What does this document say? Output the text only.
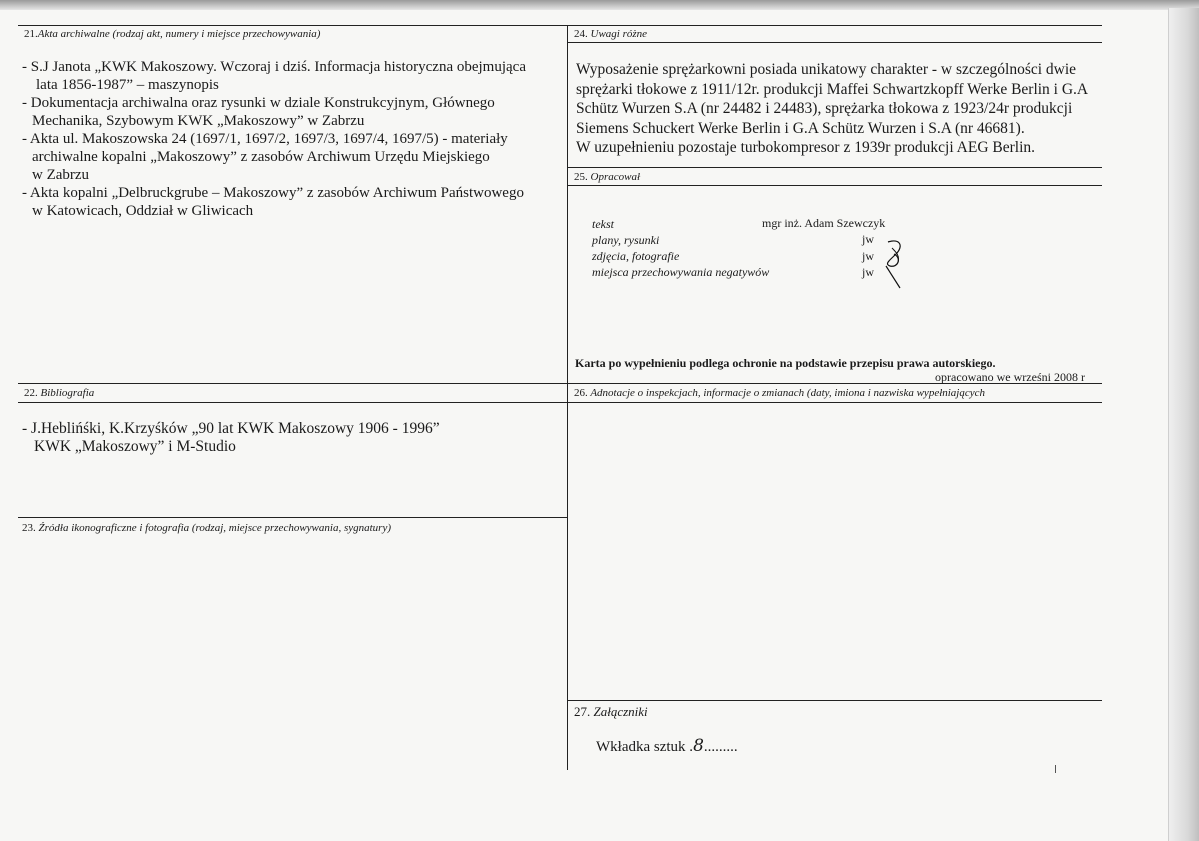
21.Akta archiwalne (rodzaj akt, numery i miejsce przechowywania)
- S.J Janota „KWK Makoszowy. Wczoraj i dziś. Informacja historyczna obejmująca
lata 1856-1987” – maszynopis
- Dokumentacja archiwalna oraz rysunki w dziale Konstrukcyjnym, Głównego
Mechanika, Szybowym KWK „Makoszowy” w Zabrzu
- Akta ul. Makoszowska 24 (1697/1, 1697/2, 1697/3, 1697/4, 1697/5) - materiały
archiwalne kopalni „Makoszowy” z zasobów Archiwum Urzędu Miejskiego
w Zabrzu
- Akta kopalni „Delbruckgrube – Makoszowy” z zasobów Archiwum Państwowego
w Katowicach, Oddział w Gliwicach
24. Uwagi różne
Wyposażenie sprężarkowni posiada unikatowy charakter - w szczególności dwie
sprężarki tłokowe z 1911/12r. produkcji Maffei Schwartzkopff Werke Berlin i G.A
Schütz Wurzen S.A (nr 24482 i 24483), sprężarka tłokowa z 1923/24r produkcji
Siemens Schuckert Werke Berlin i G.A Schütz Wurzen i S.A (nr 46681).
W uzupełnieniu pozostaje turbokompresor z 1939r produkcji AEG Berlin.
25. Opracował
tekst	mgr inż. Adam Szewczyk
plany, rysunki	jw
zdjęcia, fotografie	jw
miejsca przechowywania negatywów	jw
Karta po wypełnieniu podlega ochronie na podstawie przepisu prawa autorskiego.
opracowano we wrześni 2008 r
22. Bibliografia
- J.Heblińśki, K.Krzyśków „90 lat KWK Makoszowy 1906 - 1996”
KWK „Makoszowy” i M-Studio
26. Adnotacje o inspekcjach, informacje o zmianach (daty, imiona i nazwiska wypełniających
23. Źródła ikonograficzne i fotografia (rodzaj, miejsce przechowywania, sygnatury)
27. Załączniki
Wkładka sztuk .8.........
